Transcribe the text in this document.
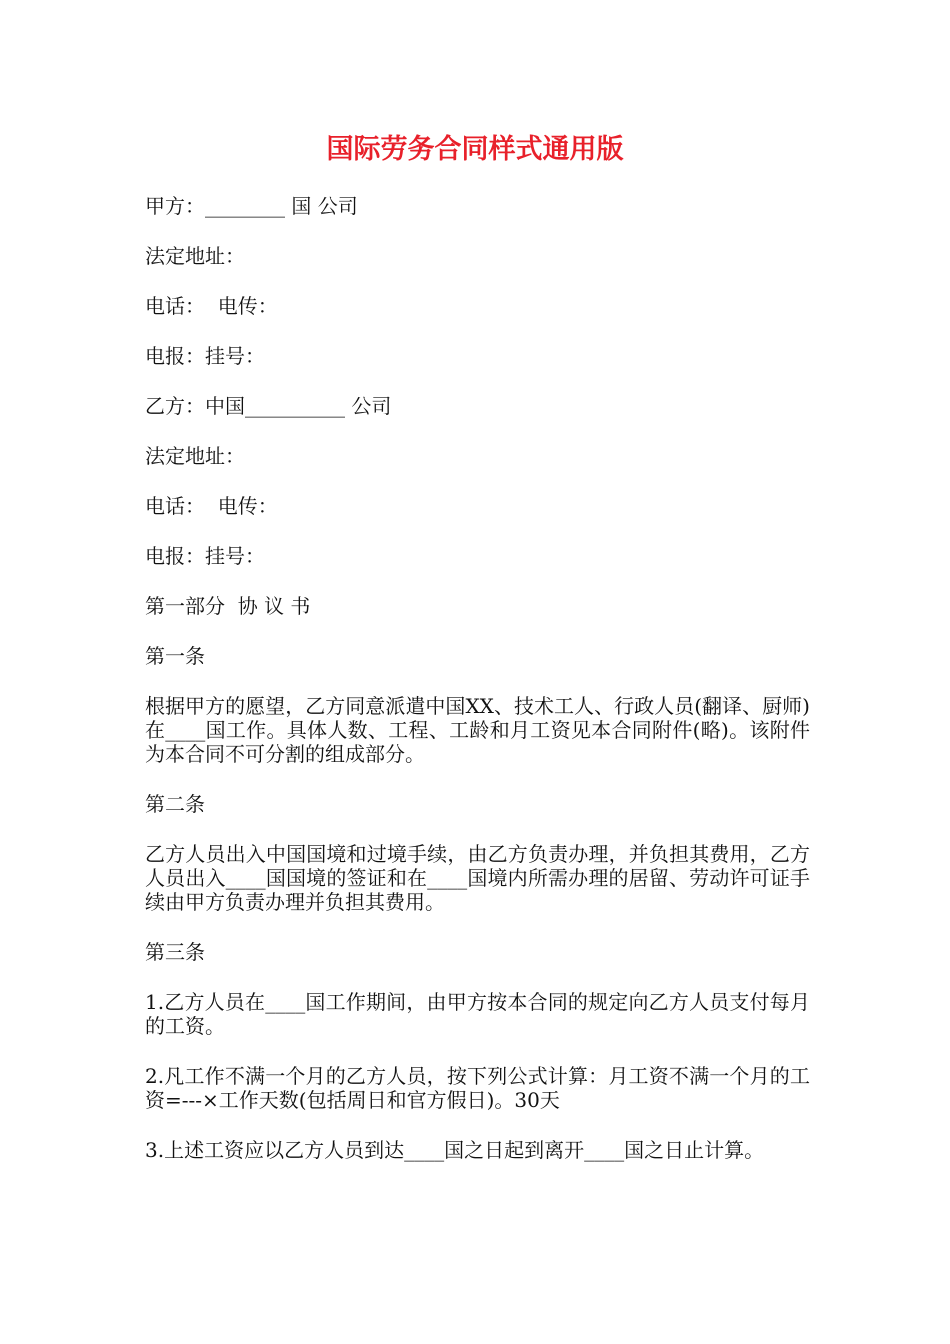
国际劳务合同样式通用版

甲方：________ 国 公司

法定地址：

电话：  电传：

电报：挂号：

乙方：中国__________ 公司

法定地址：

电话：  电传：

电报：挂号：

第一部分  协 议 书

第一条

根据甲方的愿望，乙方同意派遣中国XX、技术工人、行政人员(翻译、厨师)在____国工作。具体人数、工程、工龄和月工资见本合同附件(略)。该附件为本合同不可分割的组成部分。

第二条

乙方人员出入中国国境和过境手续，由乙方负责办理，并负担其费用，乙方人员出入____国国境的签证和在____国境内所需办理的居留、劳动许可证手续由甲方负责办理并负担其费用。

第三条

1.乙方人员在____国工作期间，由甲方按本合同的规定向乙方人员支付每月的工资。

2.凡工作不满一个月的乙方人员，按下列公式计算：月工资不满一个月的工资=---×工作天数(包括周日和官方假日)。30天

3.上述工资应以乙方人员到达____国之日起到离开____国之日止计算。
